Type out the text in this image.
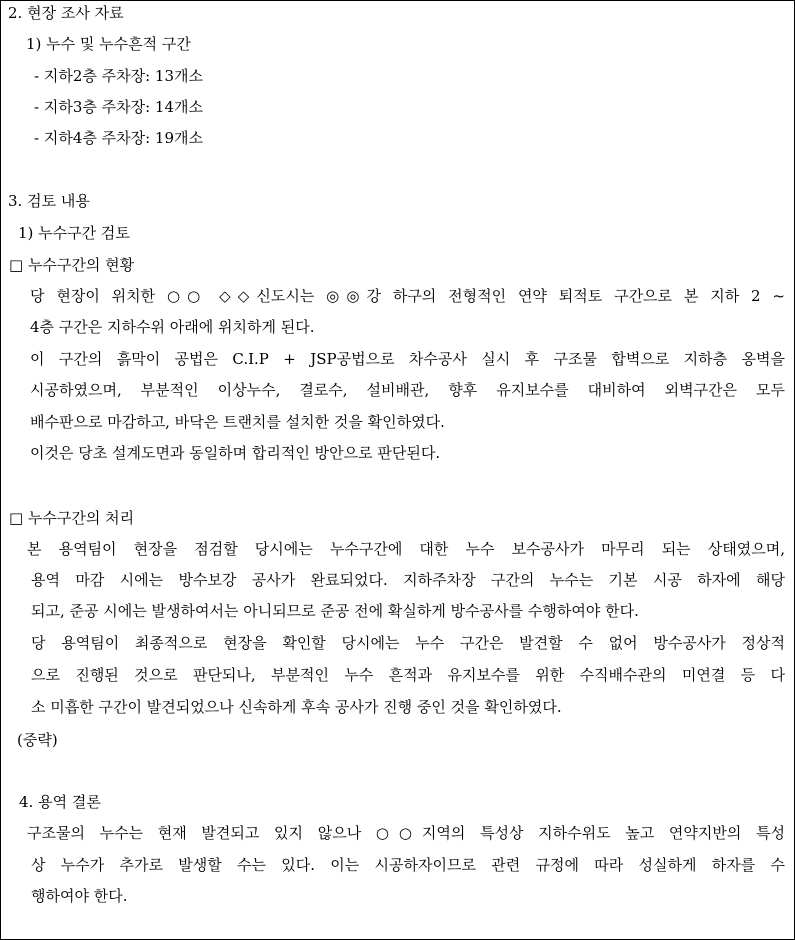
2. 현장 조사 자료
1) 누수 및 누수흔적 구간
- 지하2층 주차장: 13개소
- 지하3층 주차장: 14개소
- 지하4층 주차장: 19개소
3. 검토 내용
1) 누수구간 검토
□ 누수구간의 현황
당 현장이 위치한 ○○ ◇◇신도시는 ◎◎강 하구의 전형적인 연약 퇴적토 구간으로 본 지하 2 ~
4층 구간은 지하수위 아래에 위치하게 된다.
이 구간의 흙막이 공법은 C.I.P + JSP공법으로 차수공사 실시 후 구조물 합벽으로 지하층 옹벽을
시공하였으며, 부분적인 이상누수, 결로수, 설비배관, 향후 유지보수를 대비하여 외벽구간은 모두
배수판으로 마감하고, 바닥은 트랜치를 설치한 것을 확인하였다.
이것은 당초 설계도면과 동일하며 합리적인 방안으로 판단된다.
□ 누수구간의 처리
본 용역팀이 현장을 점검할 당시에는 누수구간에 대한 누수 보수공사가 마무리 되는 상태였으며,
용역 마감 시에는 방수보강 공사가 완료되었다. 지하주차장 구간의 누수는 기본 시공 하자에 해당
되고, 준공 시에는 발생하여서는 아니되므로 준공 전에 확실하게 방수공사를 수행하여야 한다.
당 용역팀이 최종적으로 현장을 확인할 당시에는 누수 구간은 발견할 수 없어 방수공사가 정상적
으로 진행된 것으로 판단되나, 부분적인 누수 흔적과 유지보수를 위한 수직배수관의 미연결 등 다
소 미흡한 구간이 발견되었으나 신속하게 후속 공사가 진행 중인 것을 확인하였다.
(중략)
4. 용역 결론
구조물의 누수는 현재 발견되고 있지 않으나 ○○지역의 특성상 지하수위도 높고 연약지반의 특성
상 누수가 추가로 발생할 수는 있다. 이는 시공하자이므로 관련 규정에 따라 성실하게 하자를 수
행하여야 한다.
